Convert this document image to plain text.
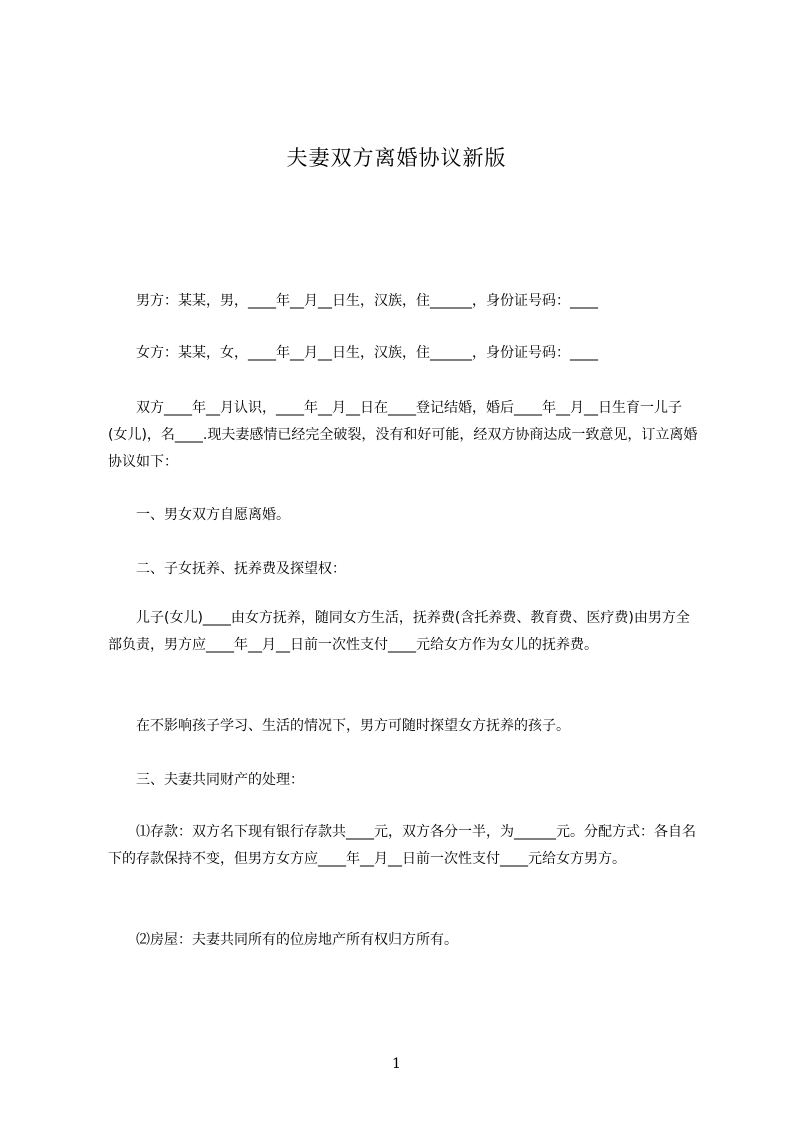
夫妻双方离婚协议新版
男方：某某，男，____年__月__日生，汉族，住______，身份证号码：____
女方：某某，女，____年__月__日生，汉族，住______，身份证号码：____
双方____年__月认识，____年__月__日在____登记结婚，婚后____年__月__日生育一儿子(女儿)，名____.现夫妻感情已经完全破裂，没有和好可能，经双方协商达成一致意见，订立离婚协议如下：
一、男女双方自愿离婚。
二、子女抚养、抚养费及探望权：
儿子(女儿)____由女方抚养，随同女方生活，抚养费(含托养费、教育费、医疗费)由男方全部负责，男方应____年__月__日前一次性支付____元给女方作为女儿的抚养费。
在不影响孩子学习、生活的情况下，男方可随时探望女方抚养的孩子。
三、夫妻共同财产的处理：
⑴存款：双方名下现有银行存款共____元，双方各分一半，为______元。分配方式：各自名下的存款保持不变，但男方女方应____年__月__日前一次性支付____元给女方男方。
⑵房屋：夫妻共同所有的位房地产所有权归方所有。
1
